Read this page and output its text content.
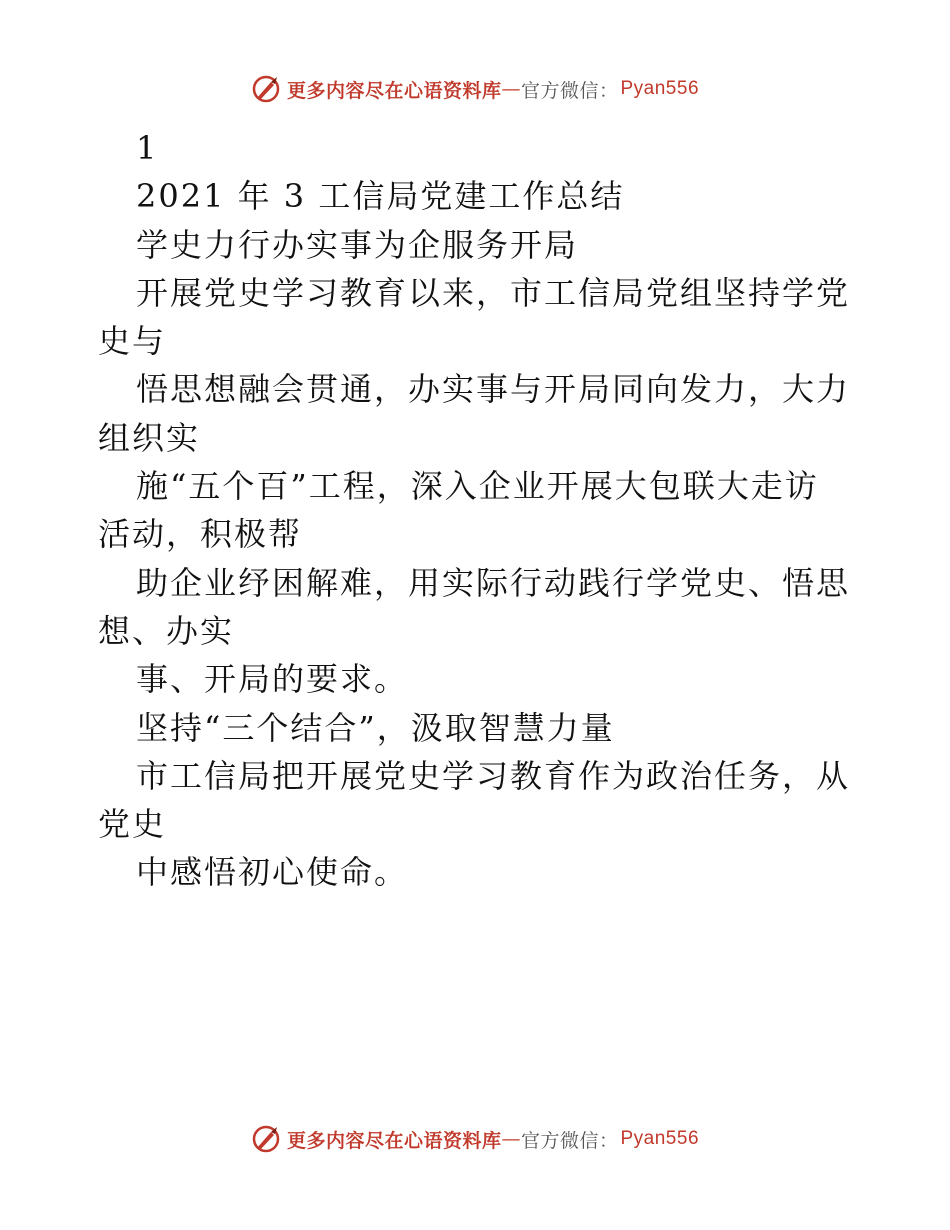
更多内容尽在心语资料库 — 官方微信： Pyan556
1
2021 年 3 工信局党建工作总结
学史力行办实事为企服务开局
开展党史学习教育以来，市工信局党组坚持学党
史与
悟思想融会贯通，办实事与开局同向发力，大力
组织实
施“五个百”工程，深入企业开展大包联大走访
活动，积极帮
助企业纾困解难，用实际行动践行学党史、悟思
想、办实
事、开局的要求。
坚持“三个结合”，汲取智慧力量
市工信局把开展党史学习教育作为政治任务，从
党史
中感悟初心使命。
更多内容尽在心语资料库 — 官方微信： Pyan556
